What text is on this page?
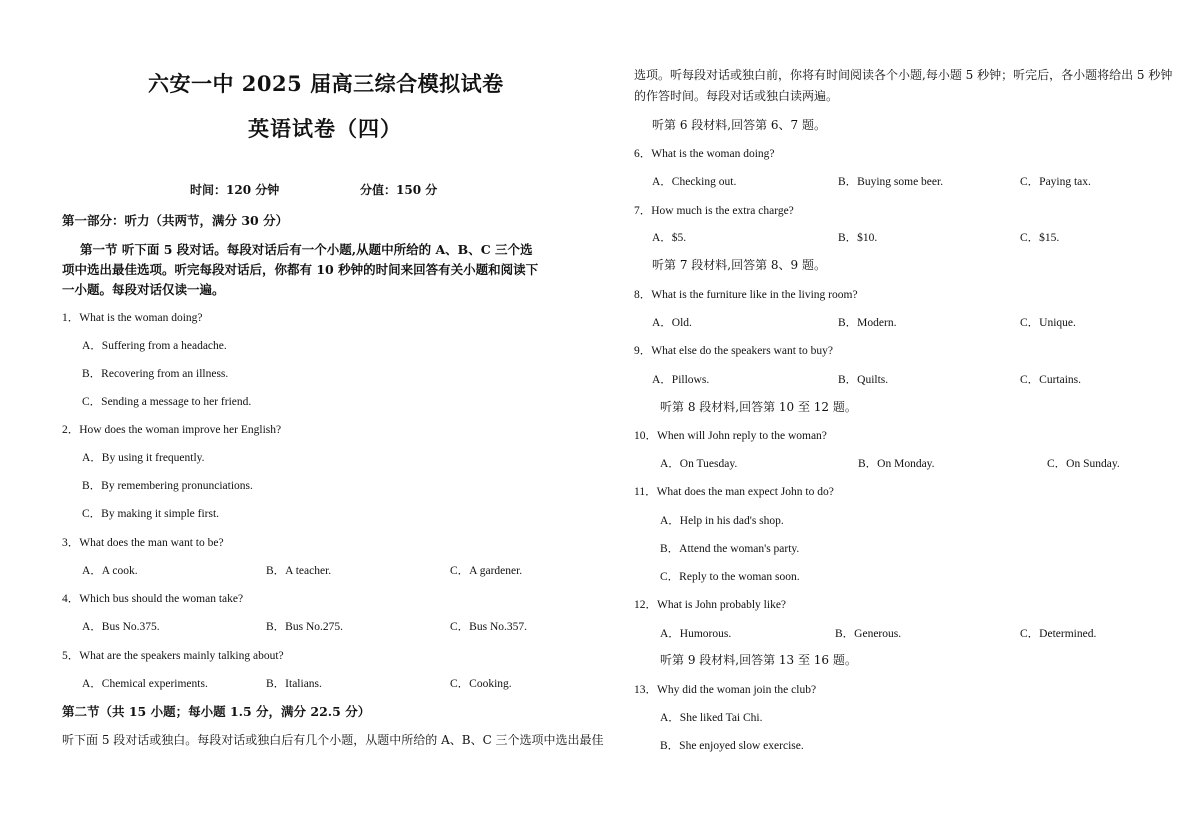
六安一中 2025 届高三综合模拟试卷
英语试卷（四）
时间：120 分钟	分值：150 分
第一部分：听力（共两节，满分 30 分）
第一节 听下面 5 段对话。每段对话后有一个小题,从题中所给的 A、B、C 三个选
项中选出最佳选项。听完每段对话后，你都有 10 秒钟的时间来回答有关小题和阅读下
一小题。每段对话仅读一遍。
1．What is the woman doing?
A．Suffering from a headache.
B．Recovering from an illness.
C．Sending a message to her friend.
2．How does the woman improve her English?
A．By using it frequently.
B．By remembering pronunciations.
C．By making it simple first.
3．What does the man want to be?
A．A cook.	B．A teacher.	C．A gardener.
4．Which bus should the woman take?
A．Bus No.375.	B．Bus No.275.	C．Bus No.357.
5．What are the speakers mainly talking about?
A．Chemical experiments.	B．Italians.	C．Cooking.
第二节（共 15 小题；每小题 1.5 分，满分 22.5 分）
听下面 5 段对话或独白。每段对话或独白后有几个小题，从题中所给的 A、B、C 三个选项中选出最佳
选项。听每段对话或独白前，你将有时间阅读各个小题,每小题 5 秒钟；听完后，各小题将给出 5 秒钟
的作答时间。每段对话或独白读两遍。
听第 6 段材料,回答第 6、7 题。
6．What is the woman doing?
A．Checking out.	B．Buying some beer.	C．Paying tax.
7．How much is the extra charge?
A．$5.	B．$10.	C．$15.
听第 7 段材料,回答第 8、9 题。
8．What is the furniture like in the living room?
A．Old.	B．Modern.	C．Unique.
9．What else do the speakers want to buy?
A．Pillows.	B．Quilts.	C．Curtains.
听第 8 段材料,回答第 10 至 12 题。
10．When will John reply to the woman?
A．On Tuesday.	B．On Monday.	C．On Sunday.
11．What does the man expect John to do?
A．Help in his dad's shop.
B．Attend the woman's party.
C．Reply to the woman soon.
12．What is John probably like?
A．Humorous.	B．Generous.	C．Determined.
听第 9 段材料,回答第 13 至 16 题。
13．Why did the woman join the club?
A．She liked Tai Chi.
B．She enjoyed slow exercise.
